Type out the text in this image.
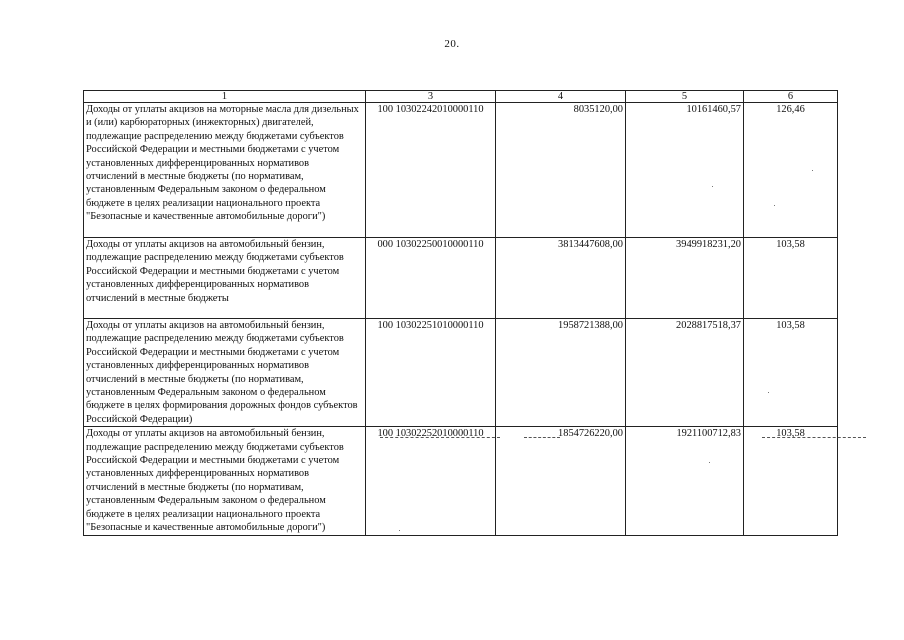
20.
1	3	4	5	6
Доходы от уплаты акцизов на моторные масла для дизельных и (или) карбюраторных (инжекторных) двигателей, подлежащие распределению между бюджетами субъектов Российской Федерации и местными бюджетами с учетом установленных дифференцированных нормативов отчислений в местные бюджеты (по нормативам, установленным Федеральным законом о федеральном бюджете в целях реализации национального проекта "Безопасные и качественные автомобильные дороги")	100 10302242010000110	8035120,00	10161460,57	126,46
Доходы от уплаты акцизов на автомобильный бензин, подлежащие распределению между бюджетами субъектов Российской Федерации и местными бюджетами с учетом установленных дифференцированных нормативов отчислений в местные бюджеты	000 10302250010000110	3813447608,00	3949918231,20	103,58
Доходы от уплаты акцизов на автомобильный бензин, подлежащие распределению между бюджетами субъектов Российской Федерации и местными бюджетами с учетом установленных дифференцированных нормативов отчислений в местные бюджеты (по нормативам, установленным Федеральным законом о федеральном бюджете в целях формирования дорожных фондов субъектов Российской Федерации)	100 10302251010000110	1958721388,00	2028817518,37	103,58
Доходы от уплаты акцизов на автомобильный бензин, подлежащие распределению между бюджетами субъектов Российской Федерации и местными бюджетами с учетом установленных дифференцированных нормативов отчислений в местные бюджеты (по нормативам, установленным Федеральным законом о федеральном бюджете в целях реализации национального проекта "Безопасные и качественные автомобильные дороги")	100 10302252010000110	1854726220,00	1921100712,83	103,58
